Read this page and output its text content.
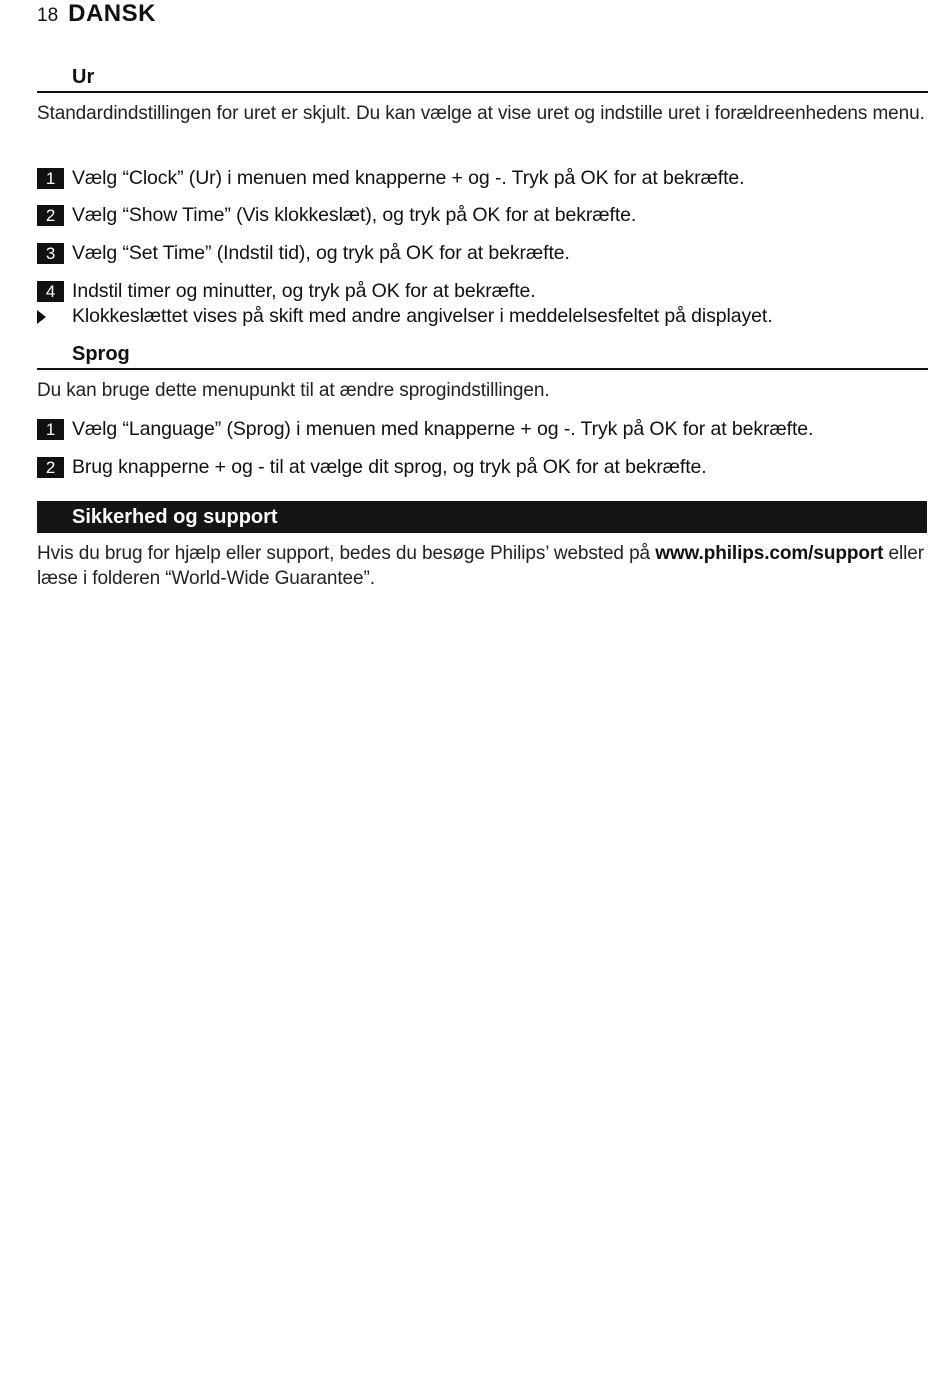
18 DANSK
Ur
Standardindstillingen for uret er skjult. Du kan vælge at vise uret og indstille uret i forældreenhedens menu.
1 Vælg “Clock” (Ur) i menuen med knapperne + og -. Tryk på OK for at bekræfte.
2 Vælg “Show Time” (Vis klokkeslæt), og tryk på OK for at bekræfte.
3 Vælg “Set Time” (Indstil tid), og tryk på OK for at bekræfte.
4 Indstil timer og minutter, og tryk på OK for at bekræfte.
Klokkeslættet vises på skift med andre angivelser i meddelelsesfeltet på displayet.
Sprog
Du kan bruge dette menupunkt til at ændre sprogindstillingen.
1 Vælg “Language” (Sprog) i menuen med knapperne + og -. Tryk på OK for at bekræfte.
2 Brug knapperne + og - til at vælge dit sprog, og tryk på OK for at bekræfte.
Sikkerhed og support
Hvis du brug for hjælp eller support, bedes du besøge Philips’ websted på www.philips.com/support eller læse i folderen “World-Wide Guarantee”.
